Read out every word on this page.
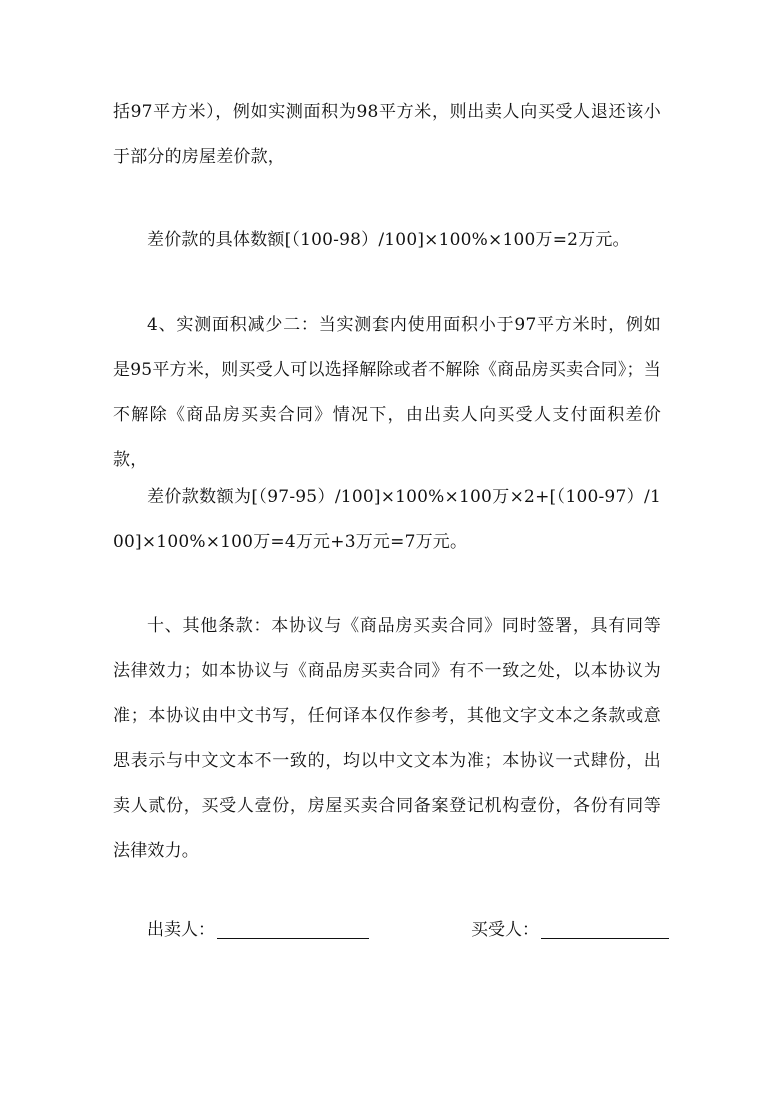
括97平方米），例如实测面积为98平方米，则出卖人向买受人退还该小于部分的房屋差价款，

差价款的具体数额[（100-98）/100]×100%×100万=2万元。

4、实测面积减少二：当实测套内使用面积小于97平方米时，例如是95平方米，则买受人可以选择解除或者不解除《商品房买卖合同》；当不解除《商品房买卖合同》情况下，由出卖人向买受人支付面积差价款，

差价款数额为[（97-95）/100]×100%×100万×2+[（100-97）/100]×100%×100万=4万元+3万元=7万元。

十、其他条款：本协议与《商品房买卖合同》同时签署，具有同等法律效力；如本协议与《商品房买卖合同》有不一致之处，以本协议为准；本协议由中文书写，任何译本仅作参考，其他文字文本之条款或意思表示与中文文本不一致的，均以中文文本为准；本协议一式肆份，出卖人贰份，买受人壹份，房屋买卖合同备案登记机构壹份，各份有同等法律效力。

出卖人：	买受人：
